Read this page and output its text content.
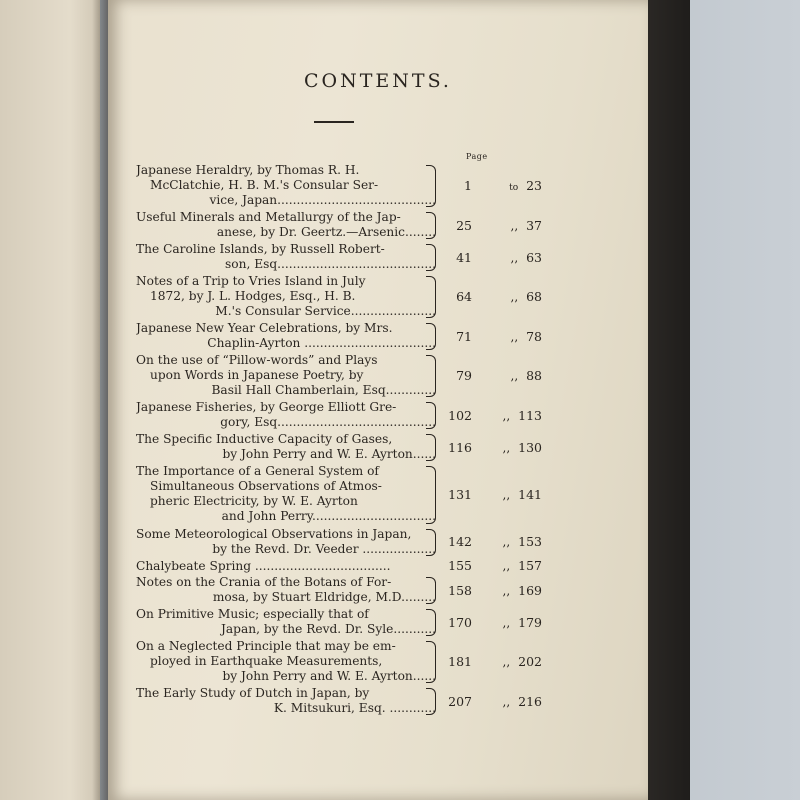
CONTENTS.
Page
Japanese Heraldry, by Thomas R. H.
McClatchie, H. B. M.'s Consular Ser-
vice, Japan.........................................
1	to 23
Useful Minerals and Metallurgy of the Jap-
anese, by Dr. Geertz.—Arsenic........	25	,, 37
The Caroline Islands, by Russell Robert-
son, Esq.........................................	41	,, 63
Notes of a Trip to Vries Island in July
1872, by J. L. Hodges, Esq., H. B.
M.'s Consular Service......................
64	,, 68
Japanese New Year Celebrations, by Mrs.
Chaplin-Ayrton ..................................	71	,, 78
On the use of “Pillow-words” and Plays
upon Words in Japanese Poetry, by
Basil Hall Chamberlain, Esq.............
79	,, 88
Japanese Fisheries, by George Elliott Gre-
gory, Esq......................................... 102	,, 113
The Specific Inductive Capacity of Gases,
by John Perry and W. E. Ayrton...... 116	,, 130
The Importance of a General System of
Simultaneous Observations of Atmos-
pheric Electricity, by W. E. Ayrton
and John Perry................................
131	,, 141
Some Meteorological Observations in Japan,
by the Revd. Dr. Veeder ................... 142	,, 153
Chalybeate Spring ...................................	155	,, 157
Notes on the Crania of the Botans of For-
mosa, by Stuart Eldridge, M.D......... 158	,, 169
On Primitive Music; especially that of
Japan, by the Revd. Dr. Syle........... 170	,, 179
On a Neglected Principle that may be em-
ployed in Earthquake Measurements,
by John Perry and W. E. Ayrton......
181	,, 202
The Early Study of Dutch in Japan, by
K. Mitsukuri, Esq. ............ 207	,, 216
